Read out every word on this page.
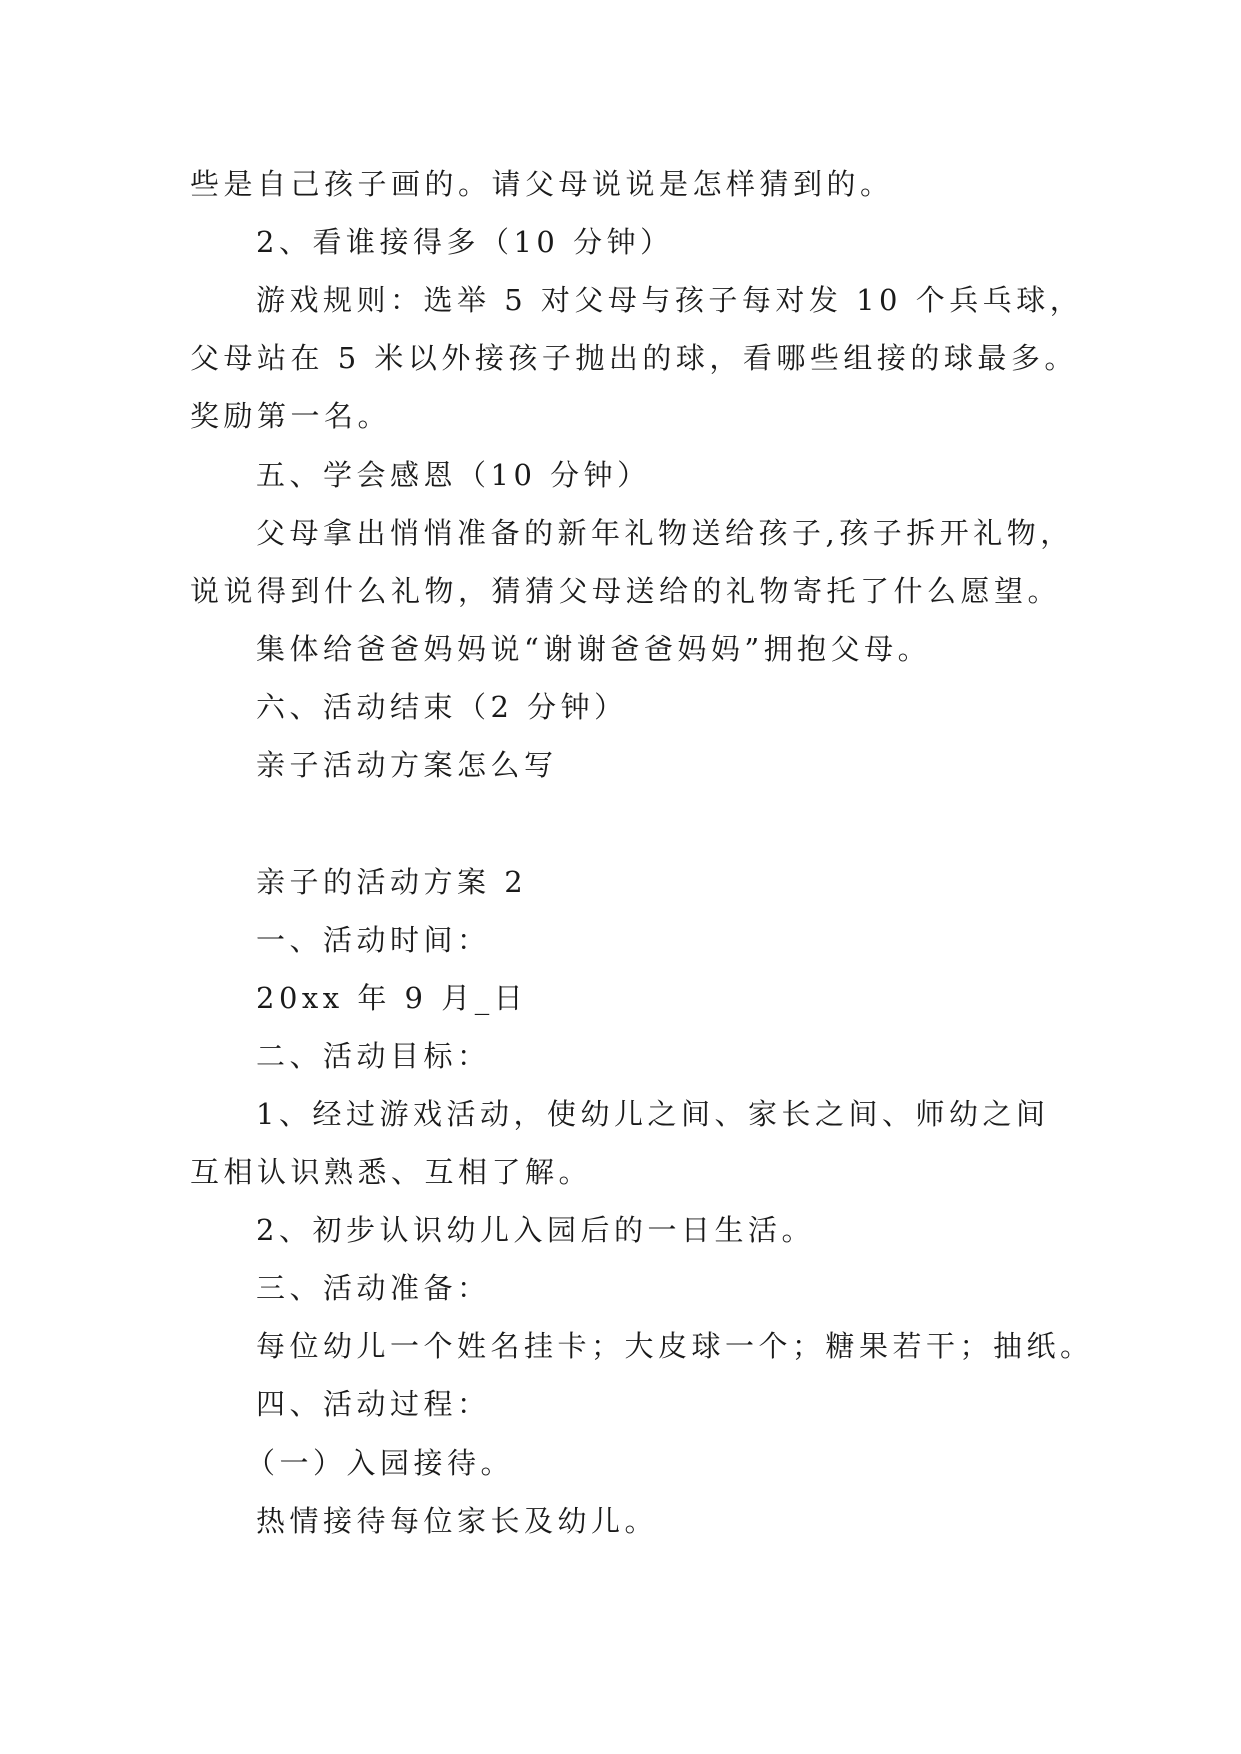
些是自己孩子画的。请父母说说是怎样猜到的。
2、看谁接得多（10 分钟）
游戏规则：选举 5 对父母与孩子每对发 10 个兵乓球，
父母站在 5 米以外接孩子抛出的球，看哪些组接的球最多。
奖励第一名。
五、学会感恩（10 分钟）
父母拿出悄悄准备的新年礼物送给孩子,孩子拆开礼物，
说说得到什么礼物，猜猜父母送给的礼物寄托了什么愿望。
集体给爸爸妈妈说“谢谢爸爸妈妈”拥抱父母。
六、活动结束（2 分钟）
亲子活动方案怎么写
亲子的活动方案 2
一、活动时间：
20xx 年 9 月_日
二、活动目标：
1、经过游戏活动，使幼儿之间、家长之间、师幼之间
互相认识熟悉、互相了解。
2、初步认识幼儿入园后的一日生活。
三、活动准备：
每位幼儿一个姓名挂卡；大皮球一个；糖果若干；抽纸。
四、活动过程：
（一）入园接待。
热情接待每位家长及幼儿。
